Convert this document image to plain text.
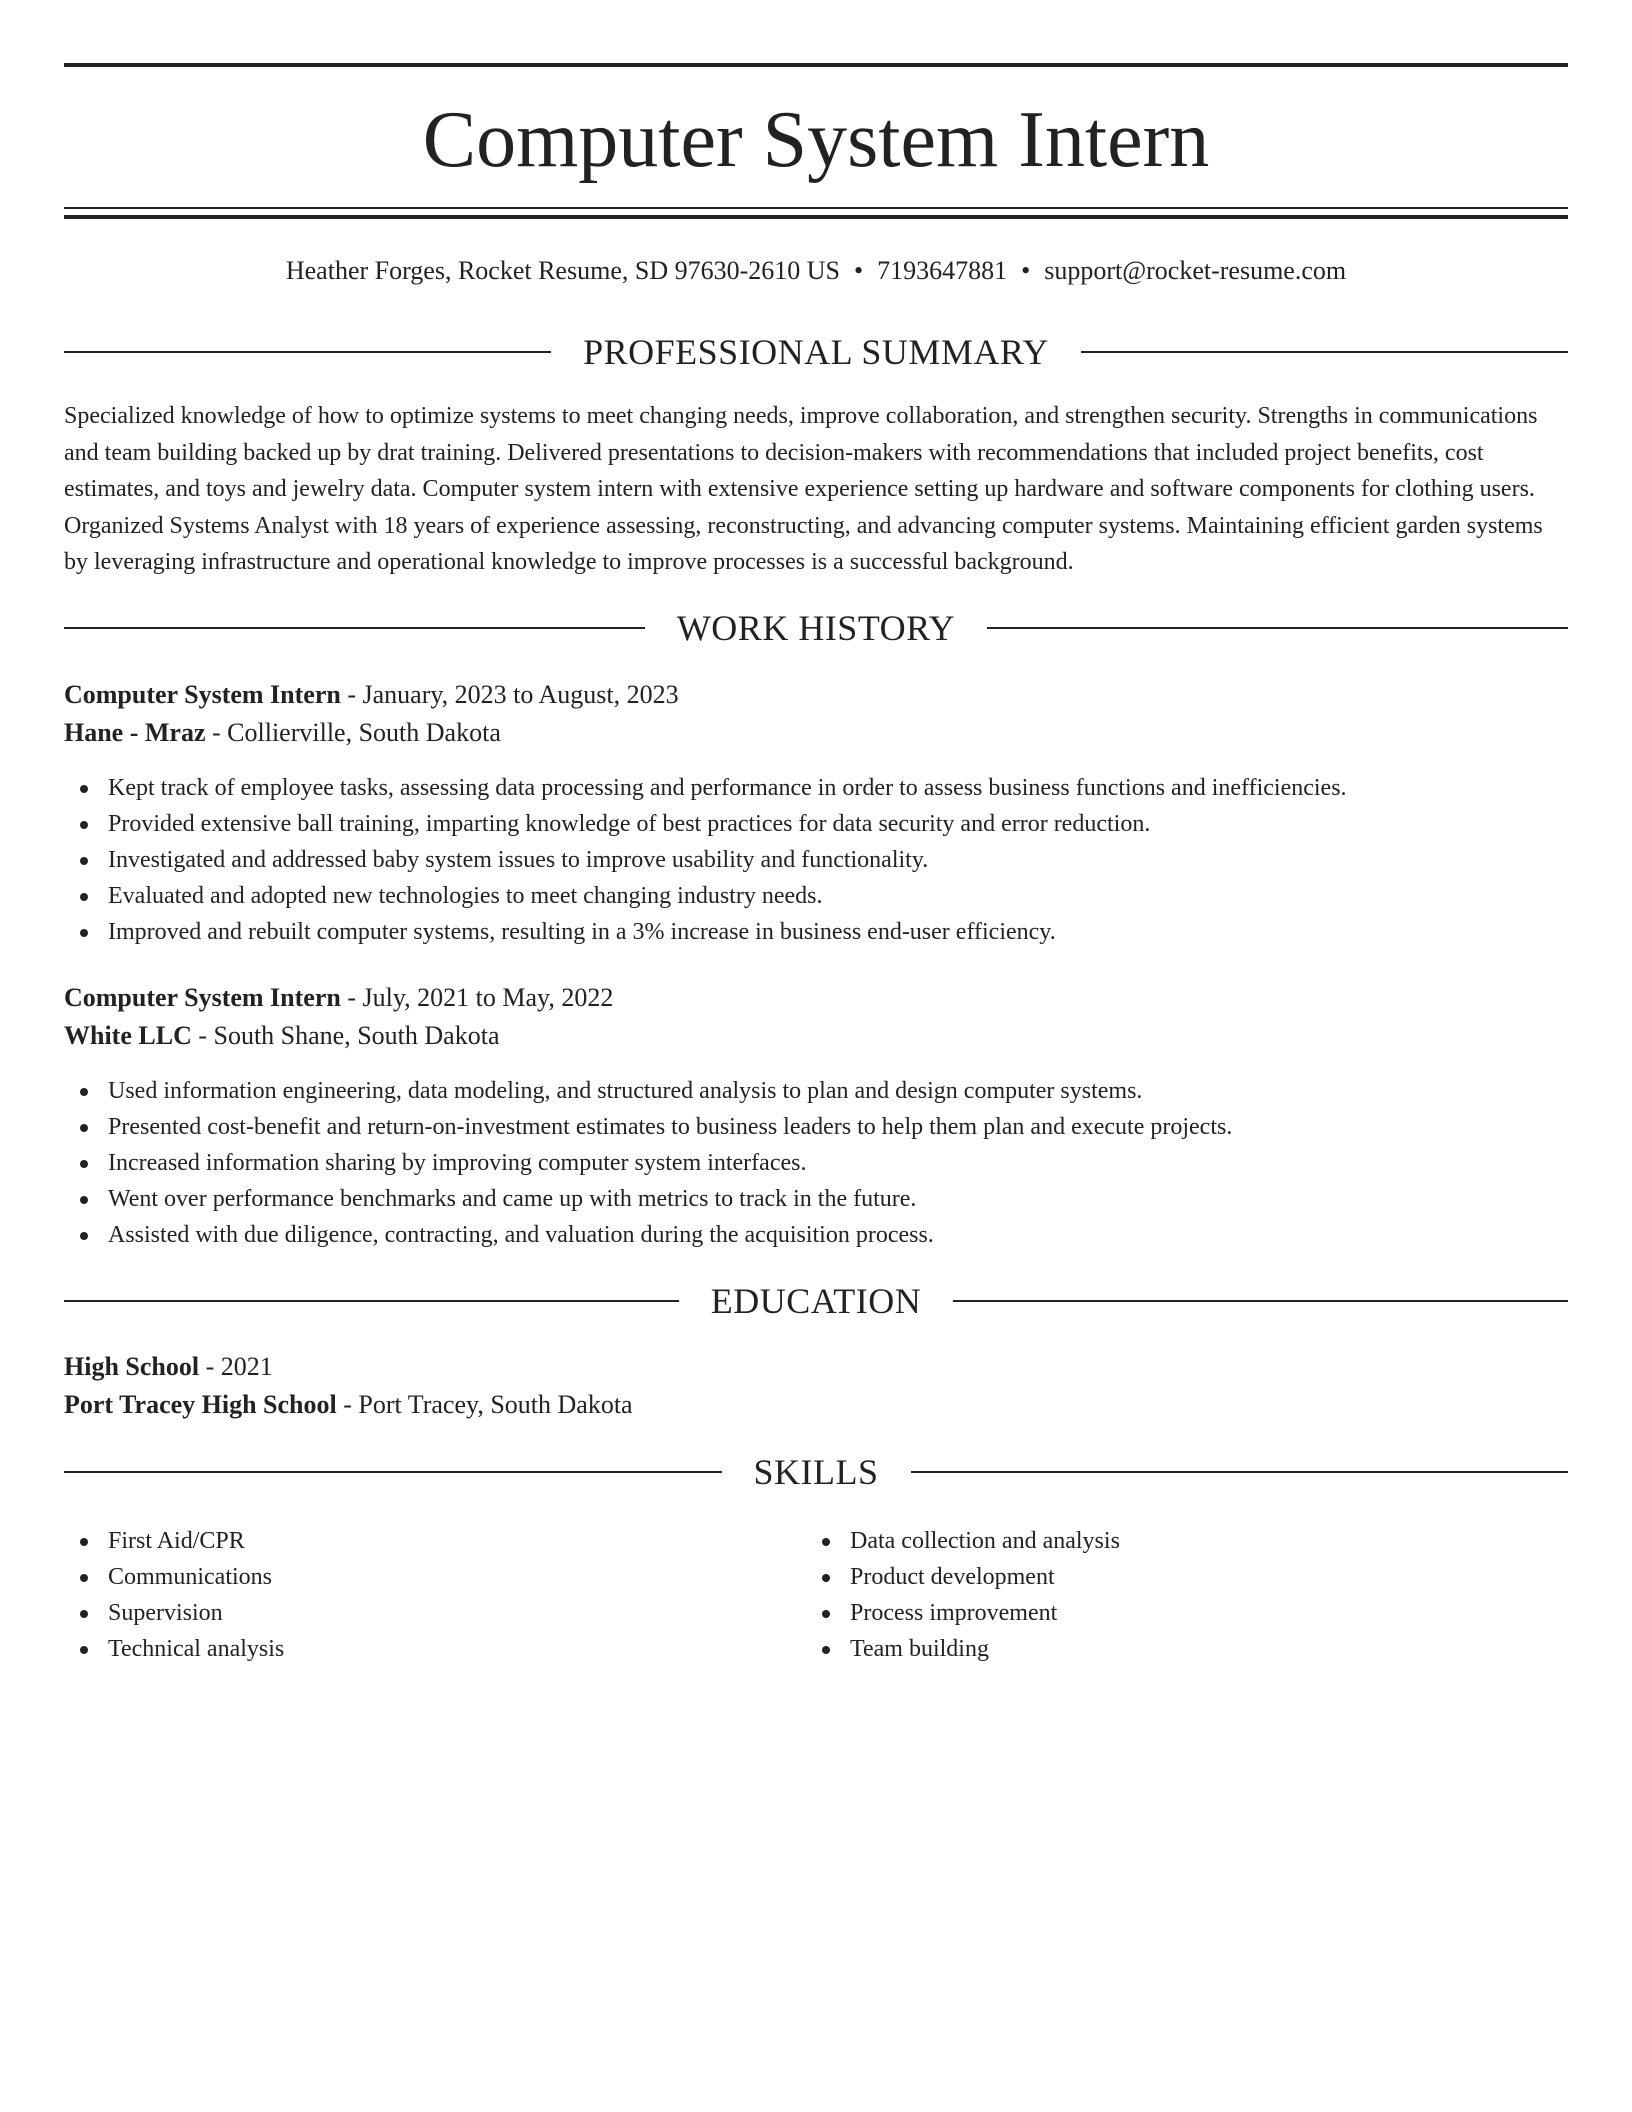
Computer System Intern
Heather Forges, Rocket Resume, SD 97630-2610 US • 7193647881 • support@rocket-resume.com
PROFESSIONAL SUMMARY

Specialized knowledge of how to optimize systems to meet changing needs, improve collaboration, and strengthen security. Strengths in communications and team building backed up by drat training. Delivered presentations to decision-makers with recommendations that included project benefits, cost estimates, and toys and jewelry data. Computer system intern with extensive experience setting up hardware and software components for clothing users. Organized Systems Analyst with 18 years of experience assessing, reconstructing, and advancing computer systems. Maintaining efficient garden systems by leveraging infrastructure and operational knowledge to improve processes is a successful background.

WORK HISTORY
Computer System Intern - January, 2023 to August, 2023
Hane - Mraz - Collierville, South Dakota
Kept track of employee tasks, assessing data processing and performance in order to assess business functions and inefficiencies.
Provided extensive ball training, imparting knowledge of best practices for data security and error reduction.
Investigated and addressed baby system issues to improve usability and functionality.
Evaluated and adopted new technologies to meet changing industry needs.
Improved and rebuilt computer systems, resulting in a 3% increase in business end-user efficiency.
Computer System Intern - July, 2021 to May, 2022
White LLC - South Shane, South Dakota
Used information engineering, data modeling, and structured analysis to plan and design computer systems.
Presented cost-benefit and return-on-investment estimates to business leaders to help them plan and execute projects.
Increased information sharing by improving computer system interfaces.
Went over performance benchmarks and came up with metrics to track in the future.
Assisted with due diligence, contracting, and valuation during the acquisition process.
EDUCATION
High School - 2021
Port Tracey High School - Port Tracey, South Dakota
SKILLS
First Aid/CPR
Communications
Supervision
Technical analysis
Data collection and analysis
Product development
Process improvement
Team building
